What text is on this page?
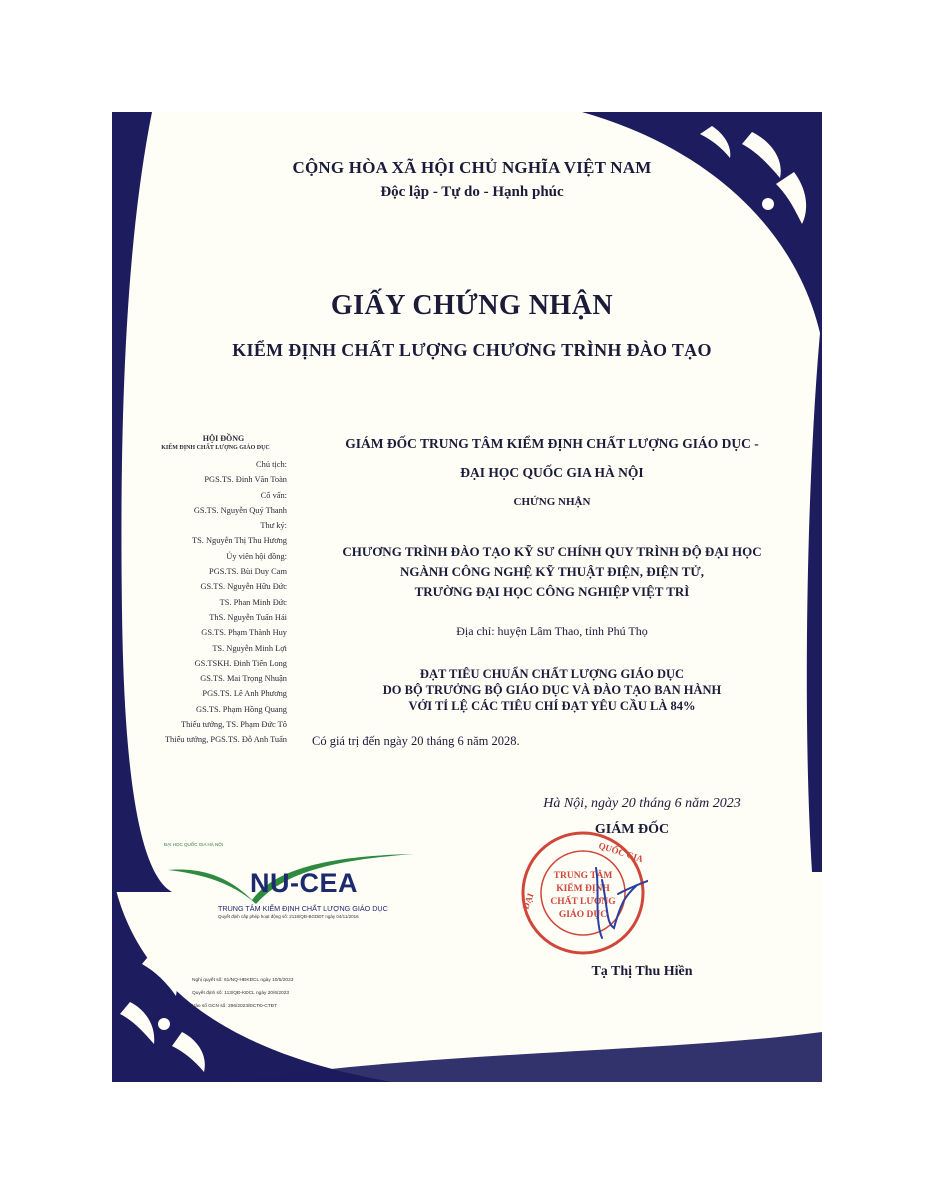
CỘNG HÒA XÃ HỘI CHỦ NGHĨA VIỆT NAM
Độc lập - Tự do - Hạnh phúc
GIẤY CHỨNG NHẬN
KIỂM ĐỊNH CHẤT LƯỢNG CHƯƠNG TRÌNH ĐÀO TẠO
HỘI ĐỒNG
KIỂM ĐỊNH CHẤT LƯỢNG GIÁO DỤC
Chủ tịch:
PGS.TS. Đinh Văn Toàn
Cố vấn:
GS.TS. Nguyễn Quý Thanh
Thư ký:
TS. Nguyễn Thị Thu Hương
Ủy viên hội đồng:
PGS.TS. Bùi Duy Cam
GS.TS. Nguyễn Hữu Đức
TS. Phan Minh Đức
ThS. Nguyễn Tuấn Hải
GS.TS. Phạm Thành Huy
TS. Nguyễn Minh Lợi
GS.TSKH. Đinh Tiến Long
GS.TS. Mai Trọng Nhuận
PGS.TS. Lê Anh Phương
GS.TS. Phạm Hồng Quang
Thiếu tướng, TS. Phạm Đức Tô
Thiếu tướng, PGS.TS. Đỗ Anh Tuấn
GIÁM ĐỐC TRUNG TÂM KIỂM ĐỊNH CHẤT LƯỢNG GIÁO DỤC -
ĐẠI HỌC QUỐC GIA HÀ NỘI
CHỨNG NHẬN
CHƯƠNG TRÌNH ĐÀO TẠO KỸ SƯ CHÍNH QUY TRÌNH ĐỘ ĐẠI HỌC
NGÀNH CÔNG NGHỆ KỸ THUẬT ĐIỆN, ĐIỆN TỬ,
TRƯỜNG ĐẠI HỌC CÔNG NGHIỆP VIỆT TRÌ
Địa chỉ: huyện Lâm Thao, tỉnh Phú Thọ
ĐẠT TIÊU CHUẨN CHẤT LƯỢNG GIÁO DỤC
DO BỘ TRƯỞNG BỘ GIÁO DỤC VÀ ĐÀO TẠO BAN HÀNH
VỚI TỈ LỆ CÁC TIÊU CHÍ ĐẠT YÊU CẦU LÀ 84%
Có giá trị đến ngày 20 tháng 6 năm 2028.
Hà Nội, ngày 20 tháng 6 năm 2023
GIÁM ĐỐC
QUỐC GIA
ĐẠI
TRUNG TÂM
KIỂM ĐỊNH
CHẤT LƯỢNG
GIÁO DỤC
Tạ Thị Thu Hiền
ĐẠI HỌC QUỐC GIA HÀ NỘI
NU-CEA
TRUNG TÂM KIỂM ĐỊNH CHẤT LƯỢNG GIÁO DỤC
Quyết định cấp phép hoạt động số: 2118/QĐ-BGDĐT ngày 04/11/2016
Nghị quyết số: 61/NQ-HĐKĐCL ngày 10/5/2023
Quyết định số: 113/QĐ-KĐCL ngày 20/6/2023
Vào sổ GCN số: 296/2023/ĐCTĐ-CTĐT
